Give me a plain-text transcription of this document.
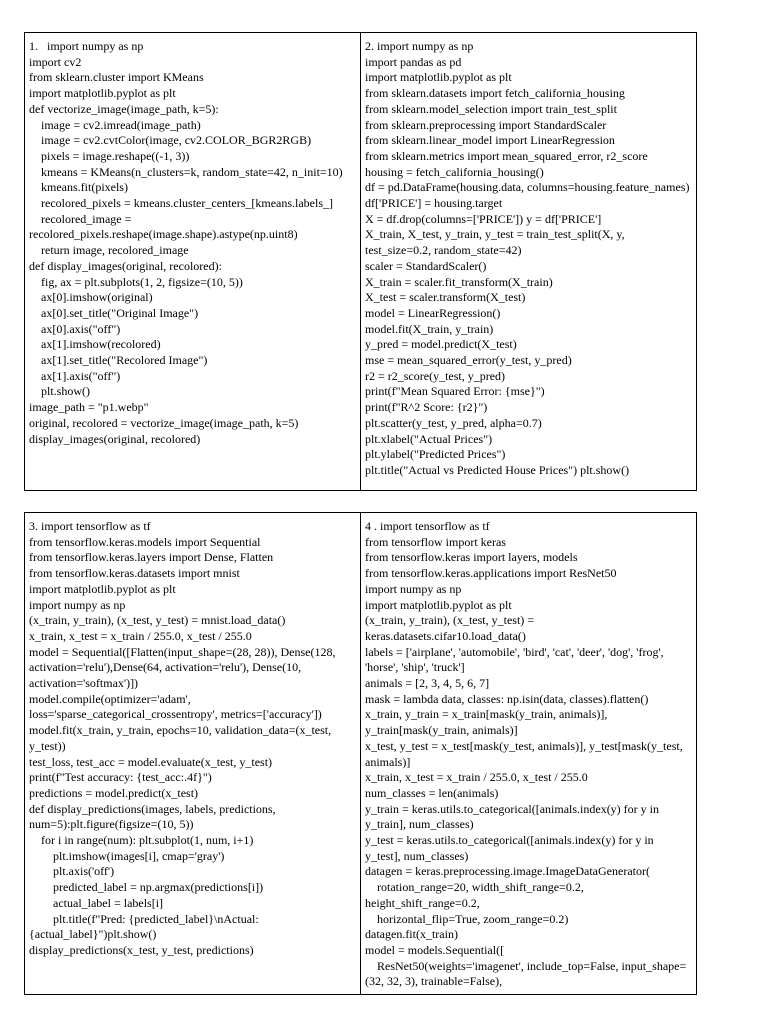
1.   import numpy as np
import cv2
from sklearn.cluster import KMeans
import matplotlib.pyplot as plt
def vectorize_image(image_path, k=5):
image = cv2.imread(image_path)
image = cv2.cvtColor(image, cv2.COLOR_BGR2RGB)
pixels = image.reshape((-1, 3))
kmeans = KMeans(n_clusters=k, random_state=42, n_init=10)
kmeans.fit(pixels)
recolored_pixels = kmeans.cluster_centers_[kmeans.labels_]
recolored_image = recolored_pixels.reshape(image.shape).astype(np.uint8)
return image, recolored_image
def display_images(original, recolored):
fig, ax = plt.subplots(1, 2, figsize=(10, 5))
ax[0].imshow(original)
ax[0].set_title("Original Image")
ax[0].axis("off")
ax[1].imshow(recolored)
ax[1].set_title("Recolored Image")
ax[1].axis("off")
plt.show()
image_path = "p1.webp"
original, recolored = vectorize_image(image_path, k=5)
display_images(original, recolored)

2. import numpy as np
import pandas as pd
import matplotlib.pyplot as plt
from sklearn.datasets import fetch_california_housing
from sklearn.model_selection import train_test_split
from sklearn.preprocessing import StandardScaler
from sklearn.linear_model import LinearRegression
from sklearn.metrics import mean_squared_error, r2_score
housing = fetch_california_housing()
df = pd.DataFrame(housing.data, columns=housing.feature_names)
df['PRICE'] = housing.target
X = df.drop(columns=['PRICE']) y = df['PRICE']
X_train, X_test, y_train, y_test = train_test_split(X, y, test_size=0.2, random_state=42)
scaler = StandardScaler()
X_train = scaler.fit_transform(X_train)
X_test = scaler.transform(X_test)
model = LinearRegression()
model.fit(X_train, y_train)
y_pred = model.predict(X_test)
mse = mean_squared_error(y_test, y_pred)
r2 = r2_score(y_test, y_pred)
print(f"Mean Squared Error: {mse}")
print(f"R^2 Score: {r2}")
plt.scatter(y_test, y_pred, alpha=0.7)
plt.xlabel("Actual Prices")
plt.ylabel("Predicted Prices")
plt.title("Actual vs Predicted House Prices") plt.show()
3. import tensorflow as tf
from tensorflow.keras.models import Sequential
from tensorflow.keras.layers import Dense, Flatten
from tensorflow.keras.datasets import mnist
import matplotlib.pyplot as plt
import numpy as np
(x_train, y_train), (x_test, y_test) = mnist.load_data()
x_train, x_test = x_train / 255.0, x_test / 255.0
model = Sequential([Flatten(input_shape=(28, 28)), Dense(128, activation='relu'),Dense(64, activation='relu'), Dense(10, activation='softmax')])
model.compile(optimizer='adam', loss='sparse_categorical_crossentropy', metrics=['accuracy'])
model.fit(x_train, y_train, epochs=10, validation_data=(x_test, y_test))
test_loss, test_acc = model.evaluate(x_test, y_test)
print(f"Test accuracy: {test_acc:.4f}")
predictions = model.predict(x_test)
def display_predictions(images, labels, predictions, num=5):plt.figure(figsize=(10, 5))
for i in range(num): plt.subplot(1, num, i+1)
plt.imshow(images[i], cmap='gray')
plt.axis('off')
predicted_label = np.argmax(predictions[i])
actual_label = labels[i]
plt.title(f"Pred: {predicted_label}\nActual: {actual_label}")plt.show()
display_predictions(x_test, y_test, predictions)

4 . import tensorflow as tf
from tensorflow import keras
from tensorflow.keras import layers, models
from tensorflow.keras.applications import ResNet50
import numpy as np
import matplotlib.pyplot as plt
(x_train, y_train), (x_test, y_test) = keras.datasets.cifar10.load_data()
labels = ['airplane', 'automobile', 'bird', 'cat', 'deer', 'dog', 'frog', 'horse', 'ship', 'truck']
animals = [2, 3, 4, 5, 6, 7]
mask = lambda data, classes: np.isin(data, classes).flatten()
x_train, y_train = x_train[mask(y_train, animals)], y_train[mask(y_train, animals)]
x_test, y_test = x_test[mask(y_test, animals)], y_test[mask(y_test, animals)]
x_train, x_test = x_train / 255.0, x_test / 255.0
num_classes = len(animals)
y_train = keras.utils.to_categorical([animals.index(y) for y in y_train], num_classes)
y_test = keras.utils.to_categorical([animals.index(y) for y in y_test], num_classes)
datagen = keras.preprocessing.image.ImageDataGenerator(
rotation_range=20, width_shift_range=0.2, height_shift_range=0.2,
horizontal_flip=True, zoom_range=0.2)
datagen.fit(x_train)
model = models.Sequential([
ResNet50(weights='imagenet', include_top=False, input_shape=(32, 32, 3), trainable=False),
